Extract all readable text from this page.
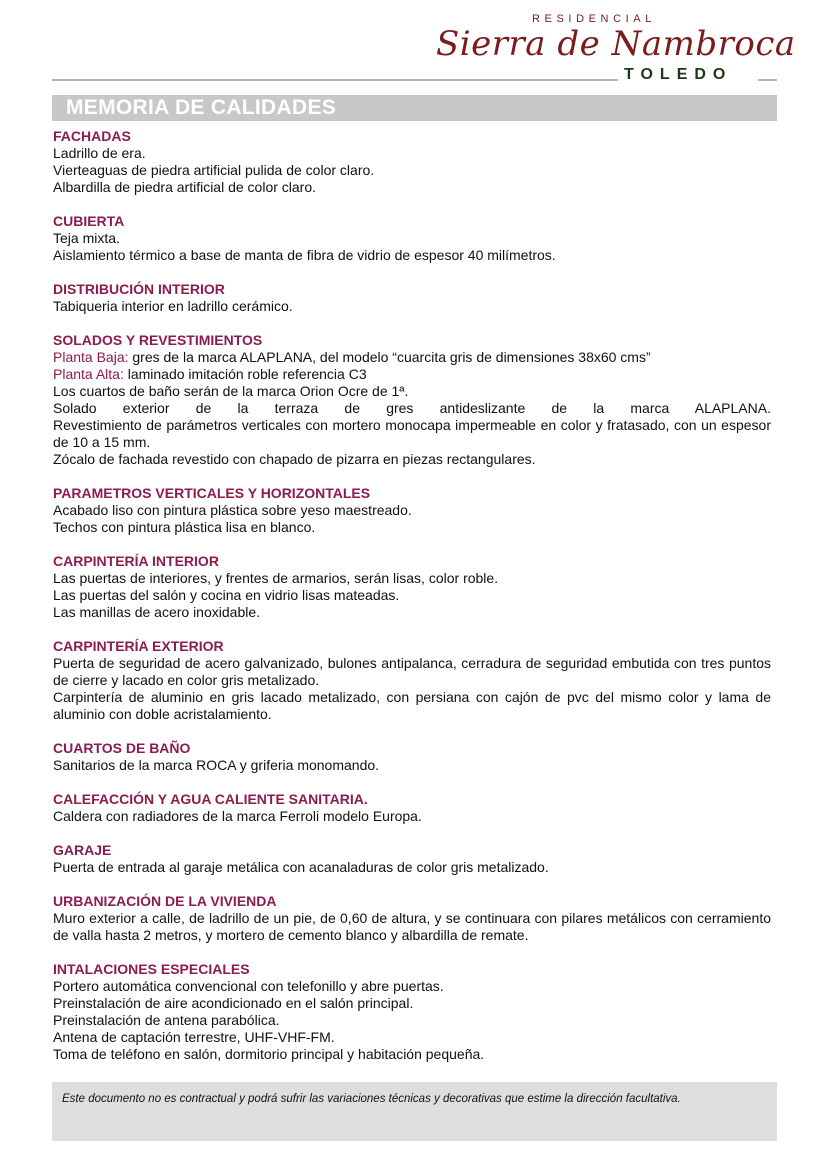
RESIDENCIAL
Sierra de Nambroca
TOLEDO
MEMORIA DE CALIDADES
FACHADAS

Ladrillo de era.

Vierteaguas de piedra artificial pulida de color claro.

Albardilla de piedra artificial de color claro.

CUBIERTA

Teja mixta.

Aislamiento térmico a base de manta de fibra de vidrio de espesor 40 milímetros.

DISTRIBUCIÓN INTERIOR

Tabiqueria interior en ladrillo cerámico.

SOLADOS Y REVESTIMIENTOS

Planta Baja: gres de la marca ALAPLANA, del modelo “cuarcita gris de dimensiones 38x60 cms”

Planta Alta: laminado imitación roble referencia C3

Los cuartos de baño serán de la marca Orion Ocre de 1ª.

Solado exterior de la terraza de gres antideslizante de la marca ALAPLANA.

Revestimiento de parámetros verticales con mortero monocapa impermeable en color y fratasado, con un espesor de 10 a 15 mm.

Zócalo de fachada revestido con chapado de pizarra en piezas rectangulares.

PARAMETROS VERTICALES Y HORIZONTALES

Acabado liso con pintura plástica sobre yeso maestreado.

Techos con pintura plástica lisa en blanco.

CARPINTERÍA INTERIOR

Las puertas de interiores, y frentes de armarios, serán lisas, color roble.

Las puertas del salón y cocina en vidrio lisas mateadas.

Las manillas de acero inoxidable.

CARPINTERÍA EXTERIOR

Puerta de seguridad de acero galvanizado, bulones antipalanca, cerradura de seguridad embutida con tres puntos de cierre y lacado en color gris metalizado.

Carpintería de aluminio en gris lacado metalizado, con persiana con cajón de pvc del mismo color y lama de aluminio con doble acristalamiento.

CUARTOS DE BAÑO

Sanitarios de la marca ROCA y griferia monomando.

CALEFACCIÓN Y AGUA CALIENTE SANITARIA.

Caldera con radiadores de la marca Ferroli modelo Europa.

GARAJE

Puerta de entrada al garaje metálica con acanaladuras de color gris metalizado.

URBANIZACIÓN DE LA VIVIENDA

Muro exterior a calle, de ladrillo de un pie, de 0,60 de altura, y se continuara con pilares metálicos con cerramiento de valla hasta 2 metros, y mortero de cemento blanco y albardilla de remate.

INTALACIONES ESPECIALES

Portero automática convencional con telefonillo y abre puertas.

Preinstalación de aire acondicionado en el salón principal.

Preinstalación de antena parabólica.

Antena de captación terrestre, UHF-VHF-FM.

Toma de teléfono en salón, dormitorio principal y habitación pequeña.

Este documento no es contractual y podrá sufrir las variaciones técnicas y decorativas que estime la dirección facultativa.
